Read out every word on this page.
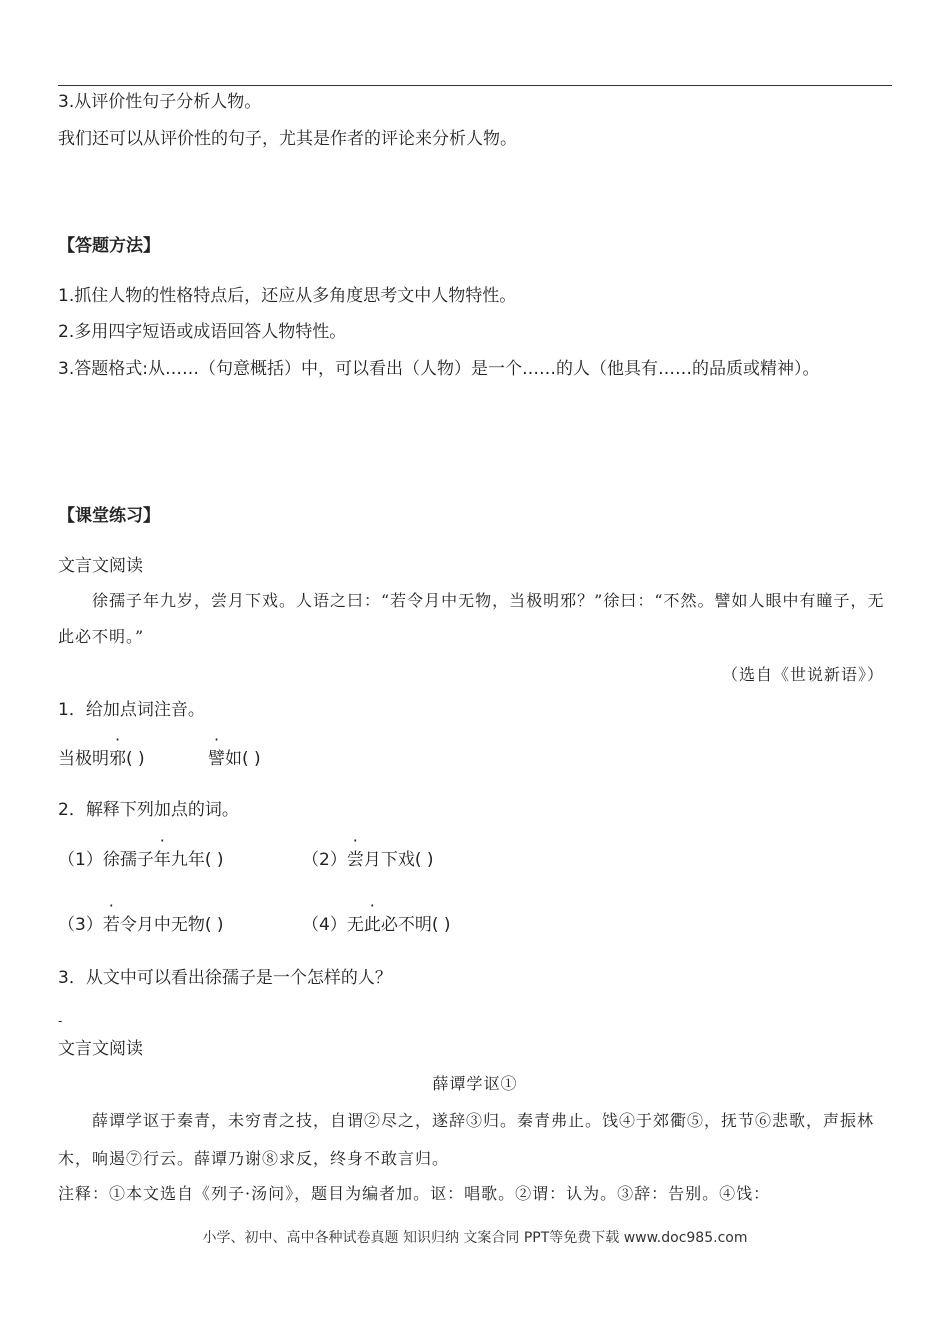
3.从评价性句子分析人物。
我们还可以从评价性的句子，尤其是作者的评论来分析人物。
【答题方法】
1.抓住人物的性格特点后，还应从多角度思考文中人物特性。
2.多用四字短语或成语回答人物特性。
3.答题格式:从……（句意概括）中，可以看出（人物）是一个……的人（他具有……的品质或精神）。
【课堂练习】
文言文阅读
徐孺子年九岁，尝月下戏。人语之曰：“若令月中无物，当极明邪？”徐曰：“不然。譬如人眼中有瞳子，无此必不明。”
（选自《世说新语》）
1．给加点词注音。
当极明邪( )	譬如( )
2．解释下列加点的词。
（1）徐孺子年九年( )	（2）尝月下戏( )
（3）若令月中无物( )	（4）无此必不明( )
3．从文中可以看出徐孺子是一个怎样的人？
-
文言文阅读
薛谭学讴①
薛谭学讴于秦青，未穷青之技，自谓②尽之，遂辞③归。秦青弗止。饯④于郊衢⑤，抚节⑥悲歌，声振林木，响遏⑦行云。薛谭乃谢⑧求反，终身不敢言归。
注释：①本文选自《列子·汤问》，题目为编者加。讴：唱歌。②谓：认为。③辞：告别。④饯：
小学、初中、高中各种试卷真题 知识归纳 文案合同 PPT等免费下载 www.doc985.com
